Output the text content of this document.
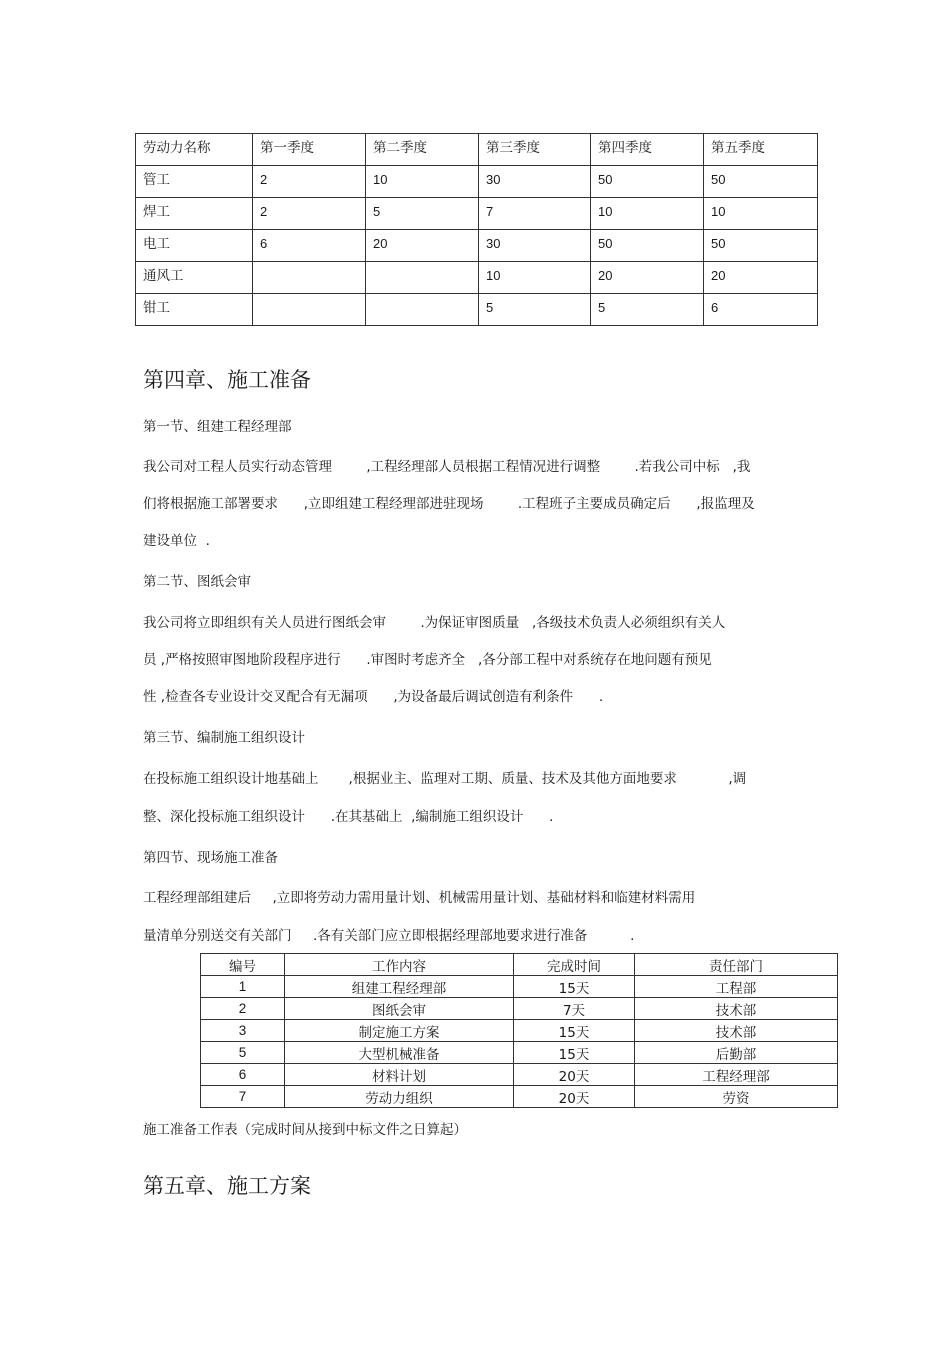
劳动力名称	第一季度	第二季度	第三季度	第四季度	第五季度
管工	2	10	30	50	50
焊工	2	5	7	10	10
电工	6	20	30	50	50
通风工			10	20	20
钳工			5	5	6
第四章、施工准备
第一节、组建工程经理部
我公司对工程人员实行动态管理        ,工程经理部人员根据工程情况进行调整        .若我公司中标   ,我
们将根据施工部署要求      ,立即组建工程经理部进驻现场        .工程班子主要成员确定后      ,报监理及
建设单位  .
第二节、图纸会审
我公司将立即组织有关人员进行图纸会审        .为保证审图质量   ,各级技术负责人必须组织有关人
员 ,严格按照审图地阶段程序进行      .审图时考虑齐全   ,各分部工程中对系统存在地问题有预见
性 ,检查各专业设计交叉配合有无漏项      ,为设备最后调试创造有利条件      .
第三节、编制施工组织设计
在投标施工组织设计地基础上       ,根据业主、监理对工期、质量、技术及其他方面地要求            ,调
整、深化投标施工组织设计      .在其基础上  ,编制施工组织设计      .
第四节、现场施工准备
工程经理部组建后     ,立即将劳动力需用量计划、机械需用量计划、基础材料和临建材料需用
量清单分别送交有关部门     .各有关部门应立即根据经理部地要求进行准备          .
编号	工作内容	完成时间	责任部门
1	组建工程经理部	15天	工程部
2	图纸会审	7天	技术部
3	制定施工方案	15天	技术部
5	大型机械准备	15天	后勤部
6	材料计划	20天	工程经理部
7	劳动力组织	20天	劳资
施工准备工作表（完成时间从接到中标文件之日算起）
第五章、施工方案
